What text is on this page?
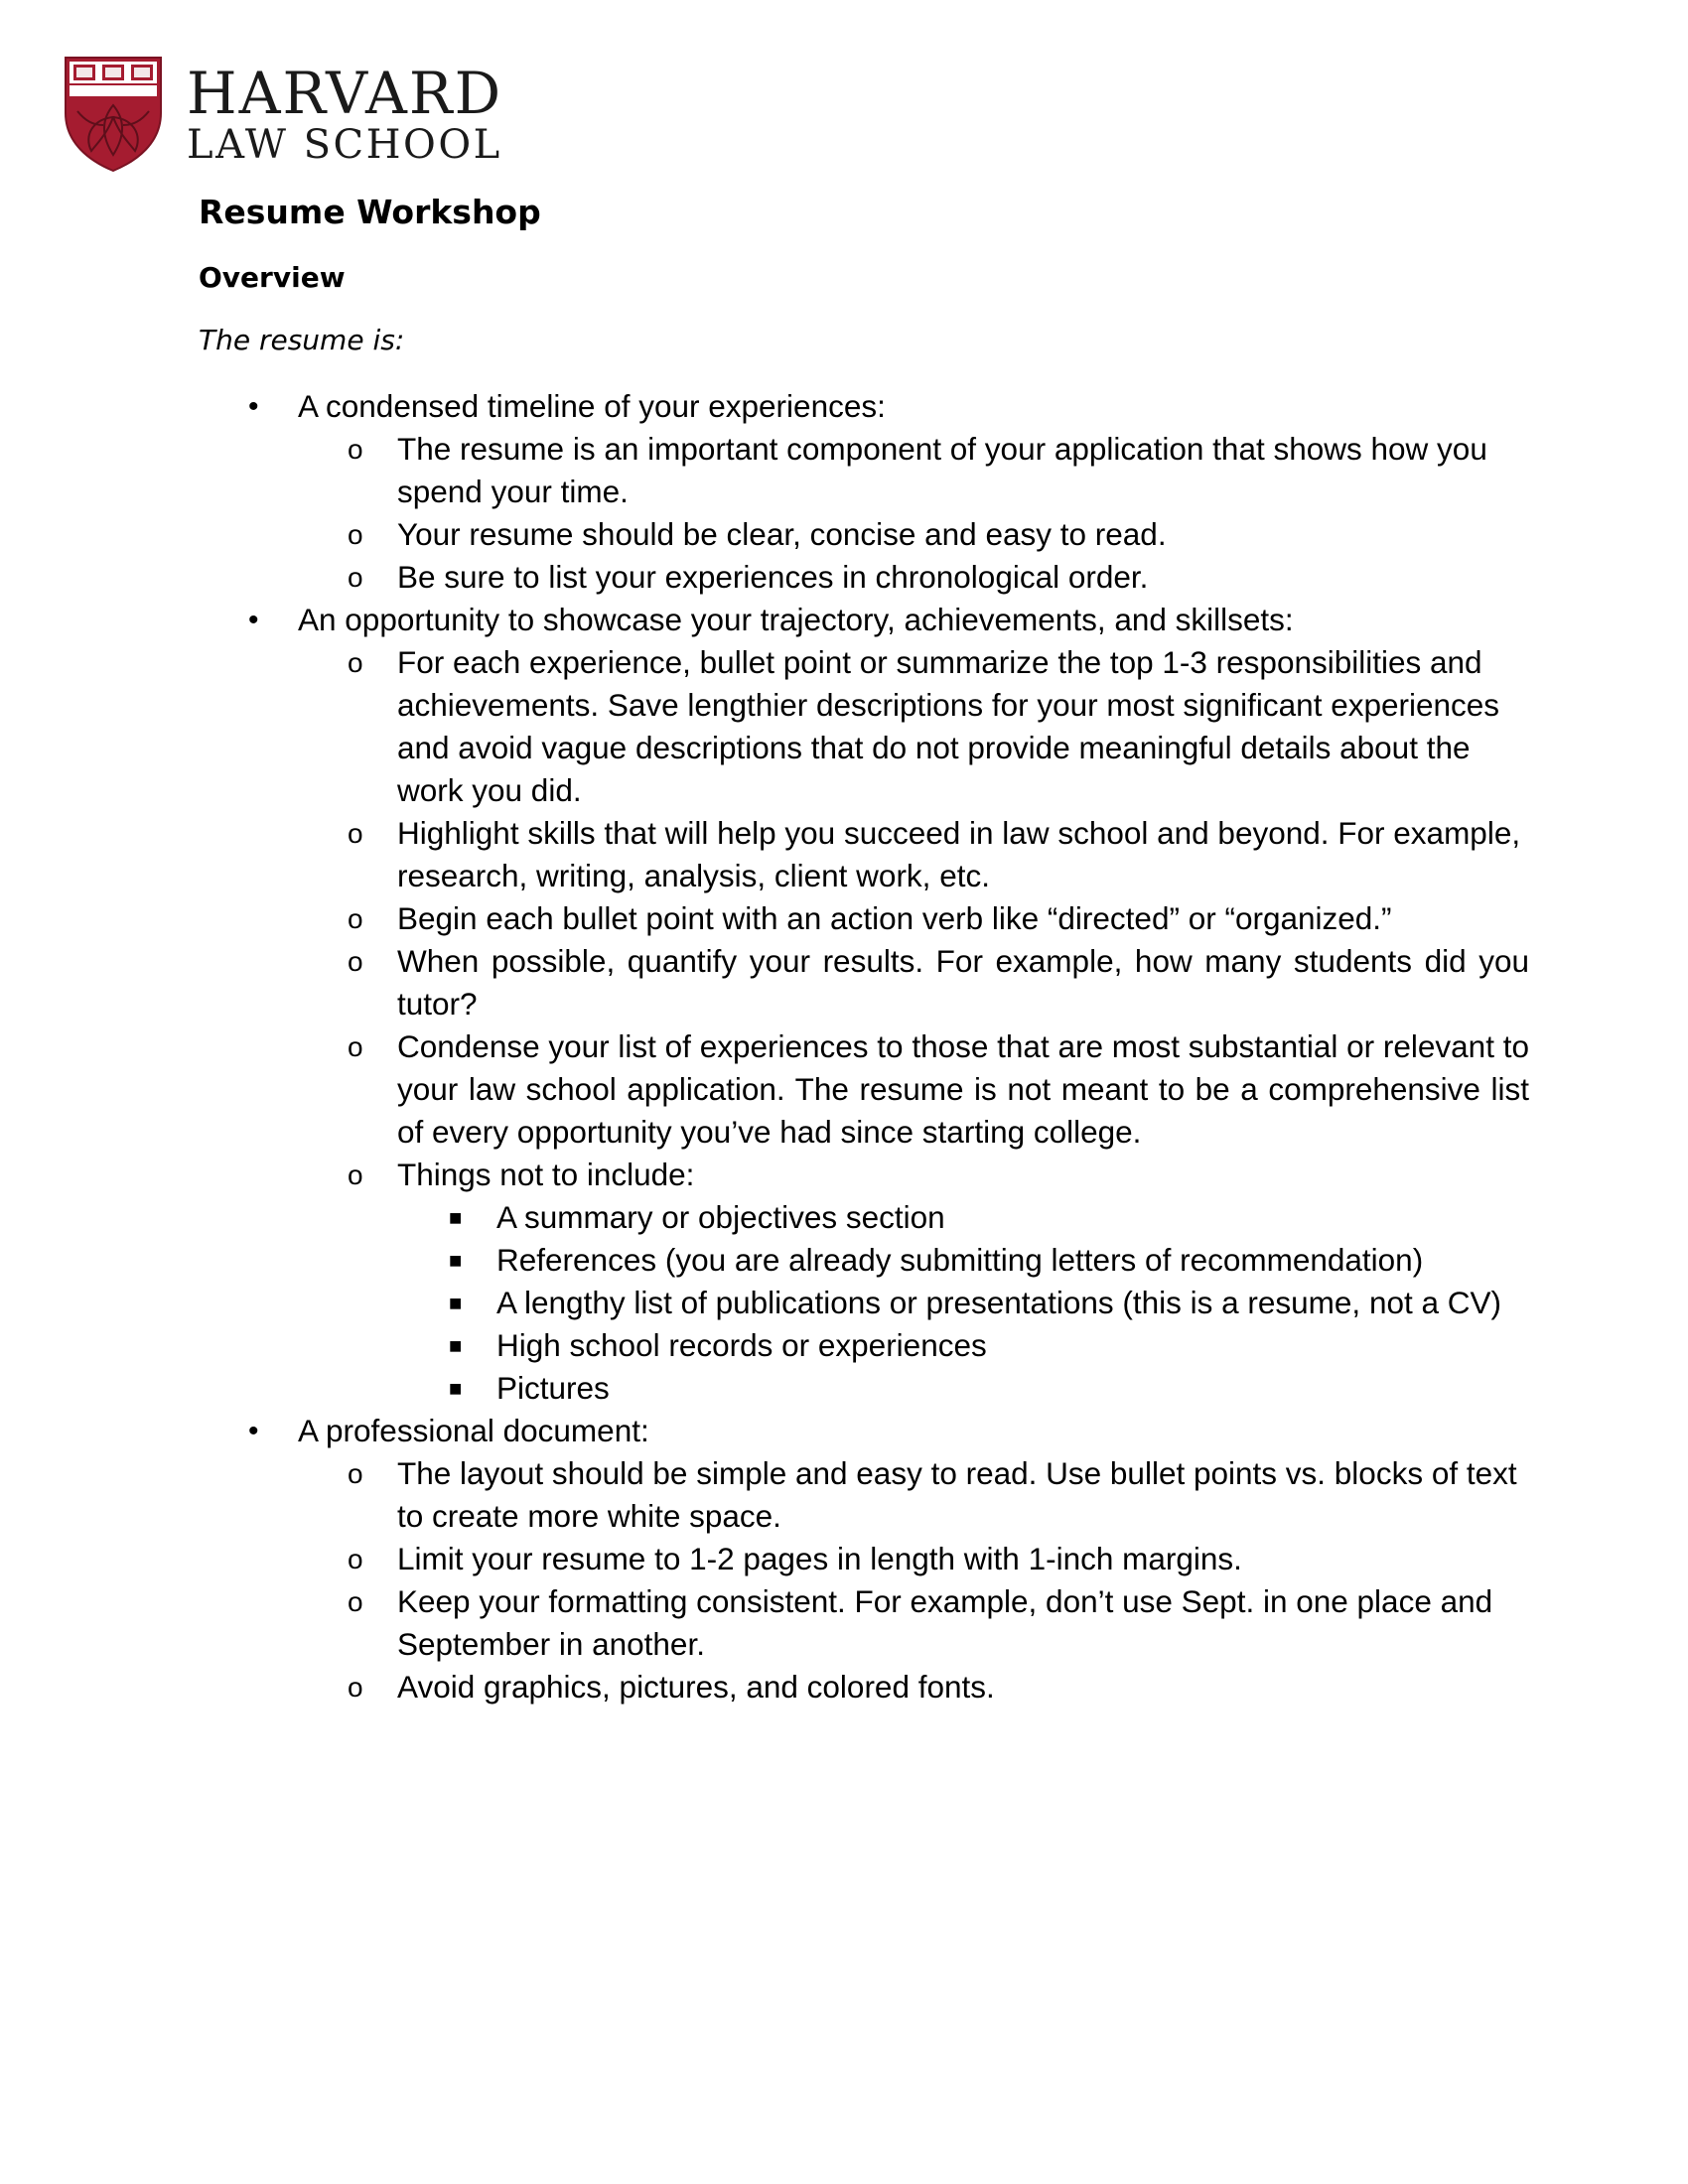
HARVARD
LAW SCHOOL
Resume Workshop
Overview

The resume is:

• A condensed timeline of your experiences:
o The resume is an important component of your application that shows how you spend your time.
o Your resume should be clear, concise and easy to read.
o Be sure to list your experiences in chronological order.
• An opportunity to showcase your trajectory, achievements, and skillsets:
o For each experience, bullet point or summarize the top 1-3 responsibilities and achievements. Save lengthier descriptions for your most significant experiences and avoid vague descriptions that do not provide meaningful details about the work you did.
o Highlight skills that will help you succeed in law school and beyond. For example, research, writing, analysis, client work, etc.
o Begin each bullet point with an action verb like “directed” or “organized.”
o When possible, quantify your results. For example, how many students did you tutor?
o Condense your list of experiences to those that are most substantial or relevant to your law school application. The resume is not meant to be a comprehensive list of every opportunity you’ve had since starting college.
o Things not to include:
■ A summary or objectives section
■ References (you are already submitting letters of recommendation)
■ A lengthy list of publications or presentations (this is a resume, not a CV)
■ High school records or experiences
■ Pictures
• A professional document:
o The layout should be simple and easy to read. Use bullet points vs. blocks of text to create more white space.
o Limit your resume to 1-2 pages in length with 1-inch margins.
o Keep your formatting consistent. For example, don’t use Sept. in one place and September in another.
o Avoid graphics, pictures, and colored fonts.
